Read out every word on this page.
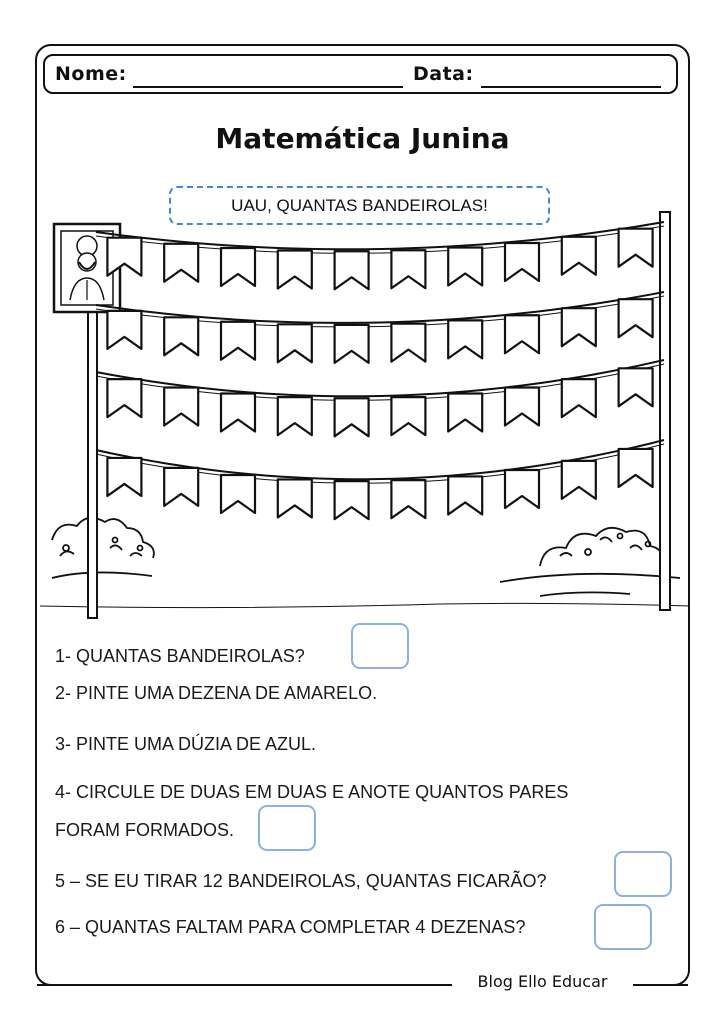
Nome:	Data:
Matemática Junina
UAU, QUANTAS BANDEIROLAS!
1- QUANTAS BANDEIROLAS?
2- PINTE UMA DEZENA DE AMARELO.
3- PINTE UMA DÚZIA DE AZUL.
4- CIRCULE DE DUAS EM DUAS E ANOTE QUANTOS PARES
FORAM FORMADOS.
5 – SE EU TIRAR 12 BANDEIROLAS, QUANTAS FICARÃO?
6 – QUANTAS FALTAM PARA COMPLETAR 4 DEZENAS?
Blog Ello Educar
